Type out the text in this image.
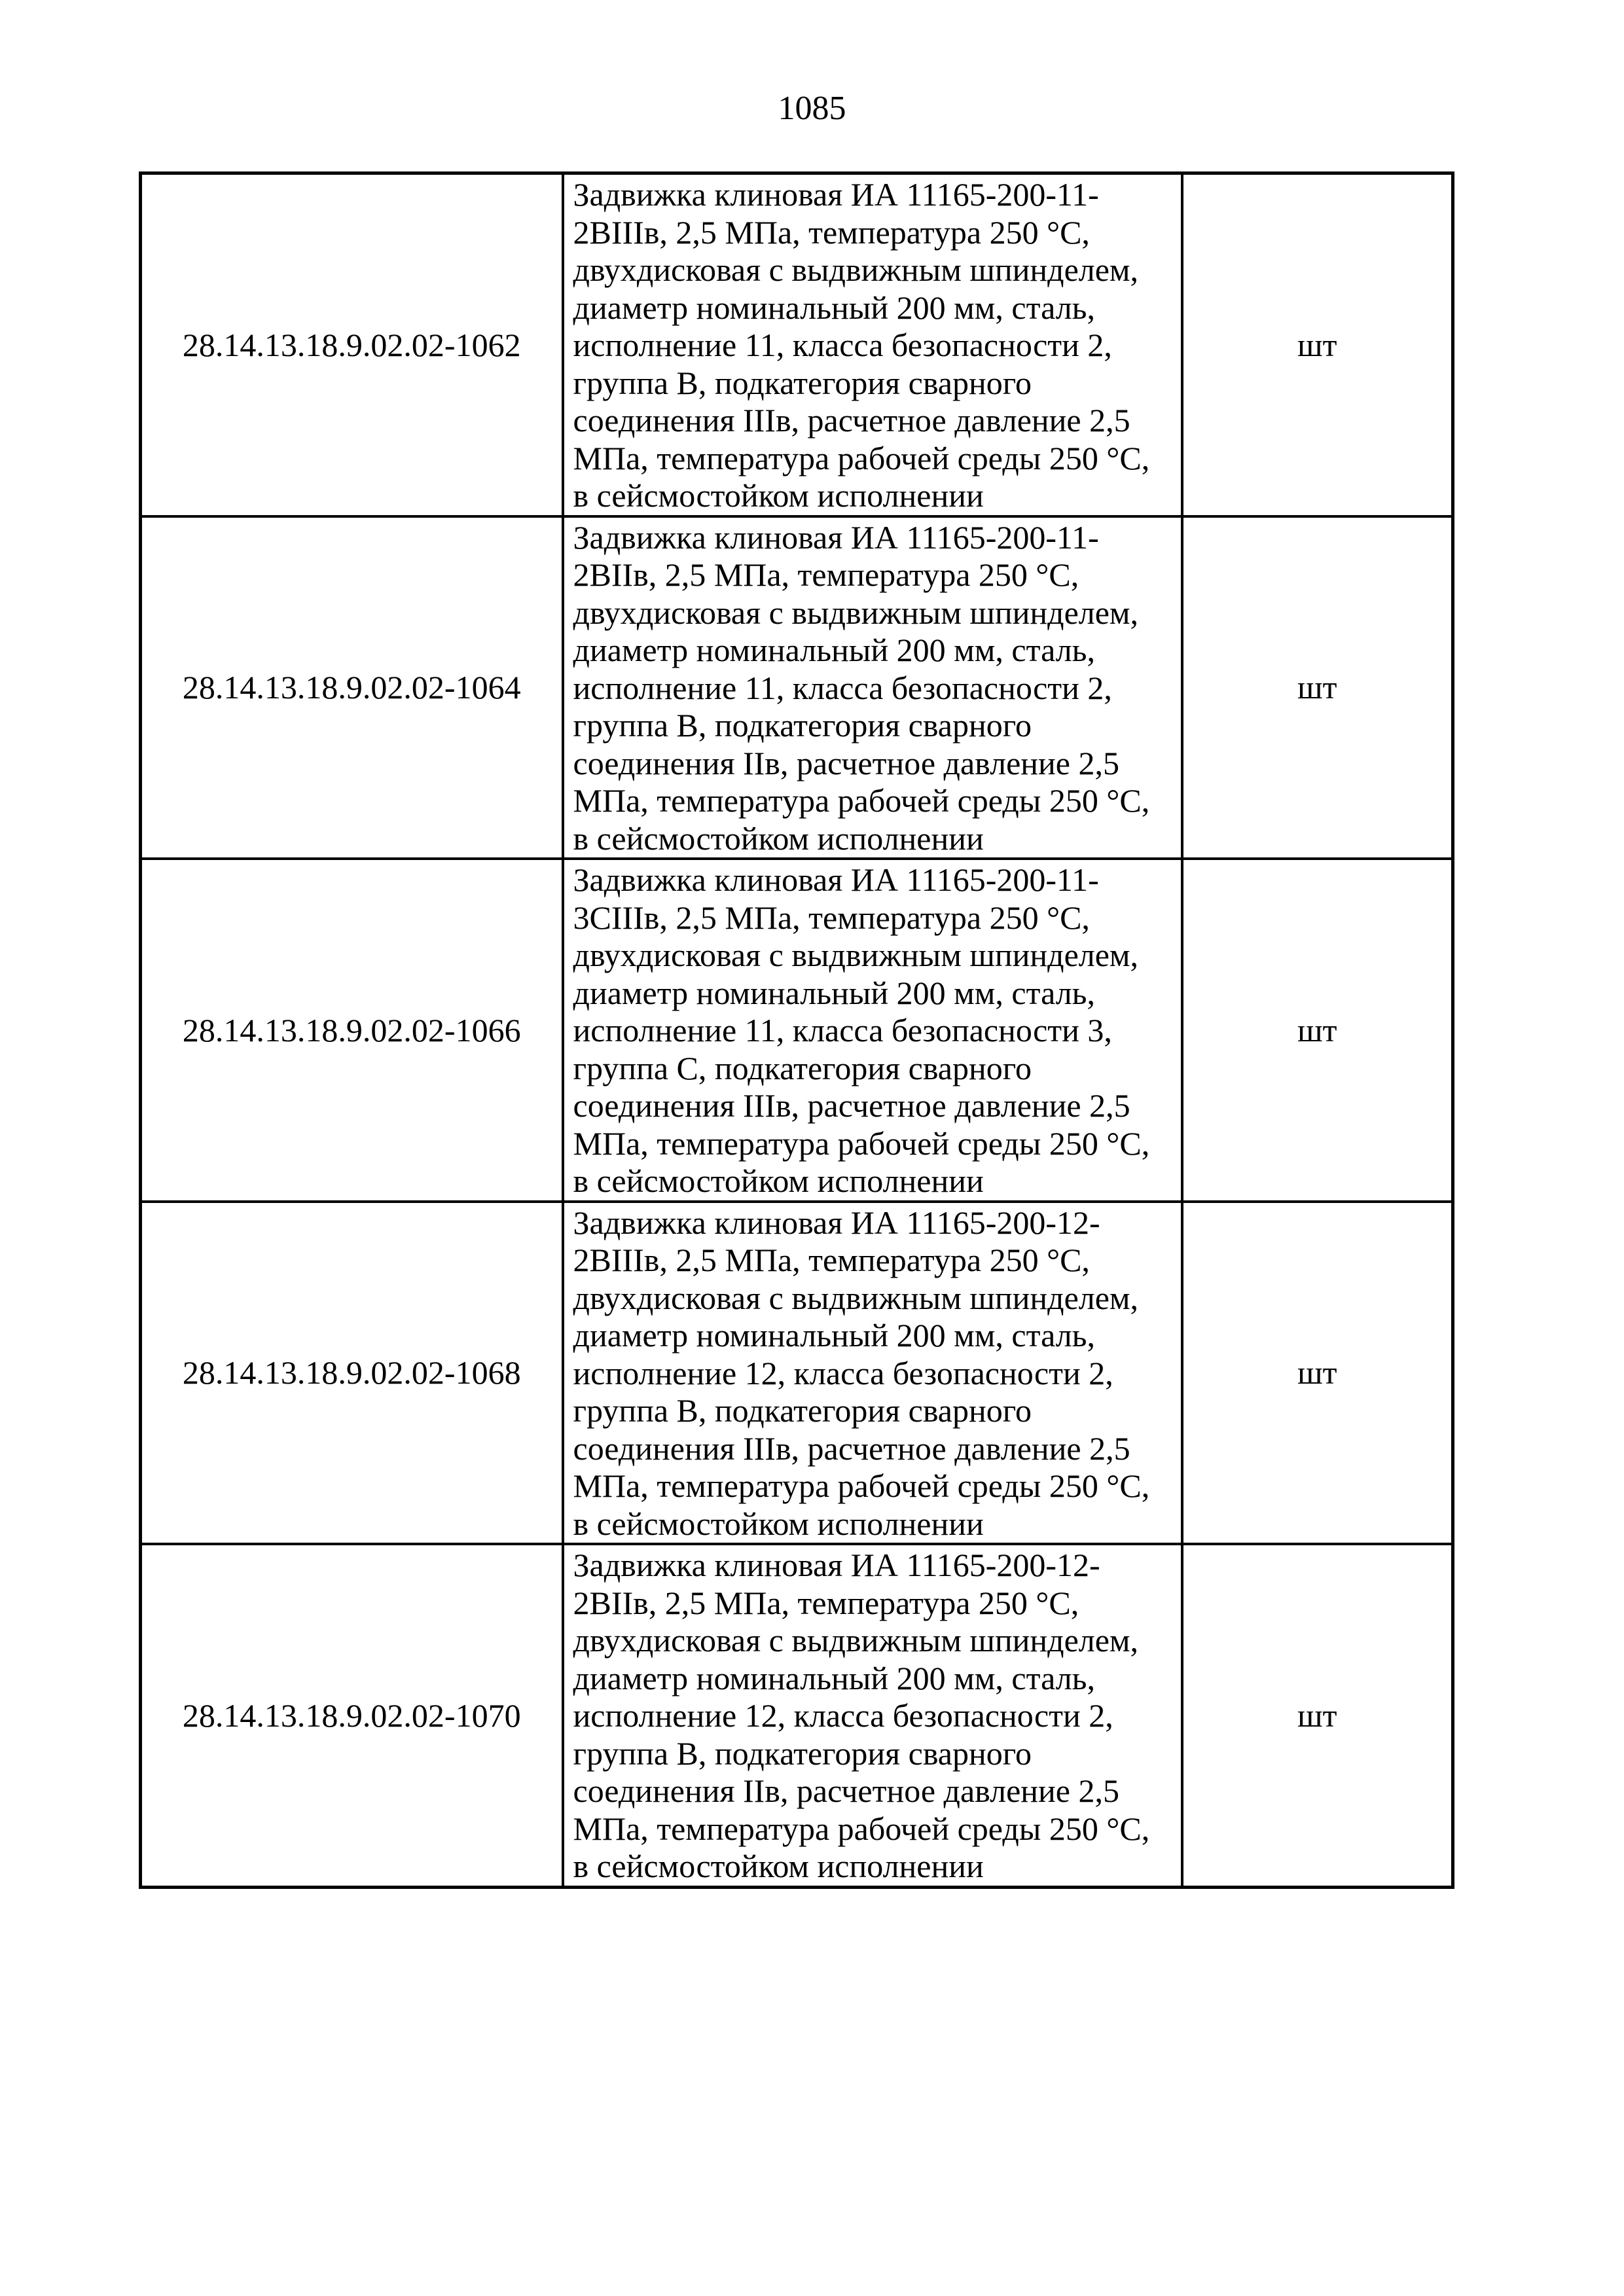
1085
28.14.13.18.9.02.02-1062	Задвижка клиновая ИА 11165-200-11-2ВIIIв, 2,5 МПа, температура 250 °С, двухдисковая с выдвижным шпинделем, диаметр номинальный 200 мм, сталь, исполнение 11, класса безопасности 2, группа В, подкатегория сварного соединения IIIв, расчетное давление 2,5 МПа, температура рабочей среды 250 °С, в сейсмостойком исполнении	шт
28.14.13.18.9.02.02-1064	Задвижка клиновая ИА 11165-200-11-2ВIIв, 2,5 МПа, температура 250 °С, двухдисковая с выдвижным шпинделем, диаметр номинальный 200 мм, сталь, исполнение 11, класса безопасности 2, группа В, подкатегория сварного соединения IIв, расчетное давление 2,5 МПа, температура рабочей среды 250 °С, в сейсмостойком исполнении	шт
28.14.13.18.9.02.02-1066	Задвижка клиновая ИА 11165-200-11-3СIIIв, 2,5 МПа, температура 250 °С, двухдисковая с выдвижным шпинделем, диаметр номинальный 200 мм, сталь, исполнение 11, класса безопасности 3, группа С, подкатегория сварного соединения IIIв, расчетное давление 2,5 МПа, температура рабочей среды 250 °С, в сейсмостойком исполнении	шт
28.14.13.18.9.02.02-1068	Задвижка клиновая ИА 11165-200-12-2ВIIIв, 2,5 МПа, температура 250 °С, двухдисковая с выдвижным шпинделем, диаметр номинальный 200 мм, сталь, исполнение 12, класса безопасности 2, группа В, подкатегория сварного соединения IIIв, расчетное давление 2,5 МПа, температура рабочей среды 250 °С, в сейсмостойком исполнении	шт
28.14.13.18.9.02.02-1070	Задвижка клиновая ИА 11165-200-12-2ВIIв, 2,5 МПа, температура 250 °С, двухдисковая с выдвижным шпинделем, диаметр номинальный 200 мм, сталь, исполнение 12, класса безопасности 2, группа В, подкатегория сварного соединения IIв, расчетное давление 2,5 МПа, температура рабочей среды 250 °С, в сейсмостойком исполнении	шт
